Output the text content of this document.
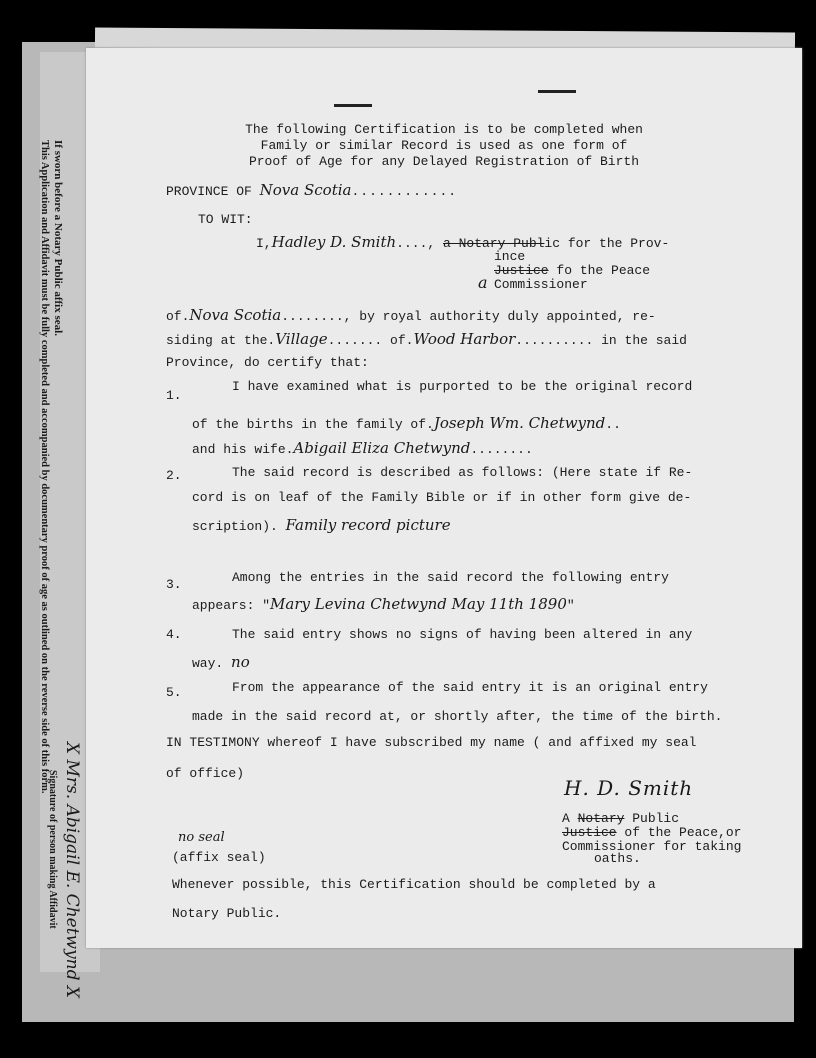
If sworn before a Notary Public affix seal.
This Application and Affidavit must be fully completed and accompanied by documentary proof of age as outlined on the reverse side of this form.
X Mrs. Abigail E. Chetwynd X
Signature of person making Affidavit
The following Certification is to be completed when
Family or similar Record is used as one form of
Proof of Age for any Delayed Registration of Birth
PROVINCE OF Nova Scotia............
TO WIT:
I,Hadley D. Smith...., a Notary Public for the Prov-
ince
Justice fo the Peace
a Commissioner
of.Nova Scotia........, by royal authority duly appointed, re-
siding at the.Village....... of.Wood Harbor.......... in the said
Province, do certify that:
1.
I have examined what is purported to be the original record
of the births in the family of.Joseph Wm. Chetwynd..
and his wife.Abigail Eliza Chetwynd........
2.	The said record is described as follows: (Here state if Re-
cord is on leaf of the Family Bible or if in other form give de-
scription). Family record picture
3.	Among the entries in the said record the following entry
appears: "Mary Levina Chetwynd May 11th 1890"
4.	The said entry shows no signs of having been altered in any
way. no
5.	From the appearance of the said entry it is an original entry
made in the said record at, or shortly after, the time of the birth.
IN TESTIMONY whereof I have subscribed my name ( and affixed my seal
of office)
H. D. Smith
A Notary Public
Justice of the Peace,or
Commissioner for taking
oaths.
no seal
(affix seal)
Whenever possible, this Certification should be completed by a
Notary Public.
